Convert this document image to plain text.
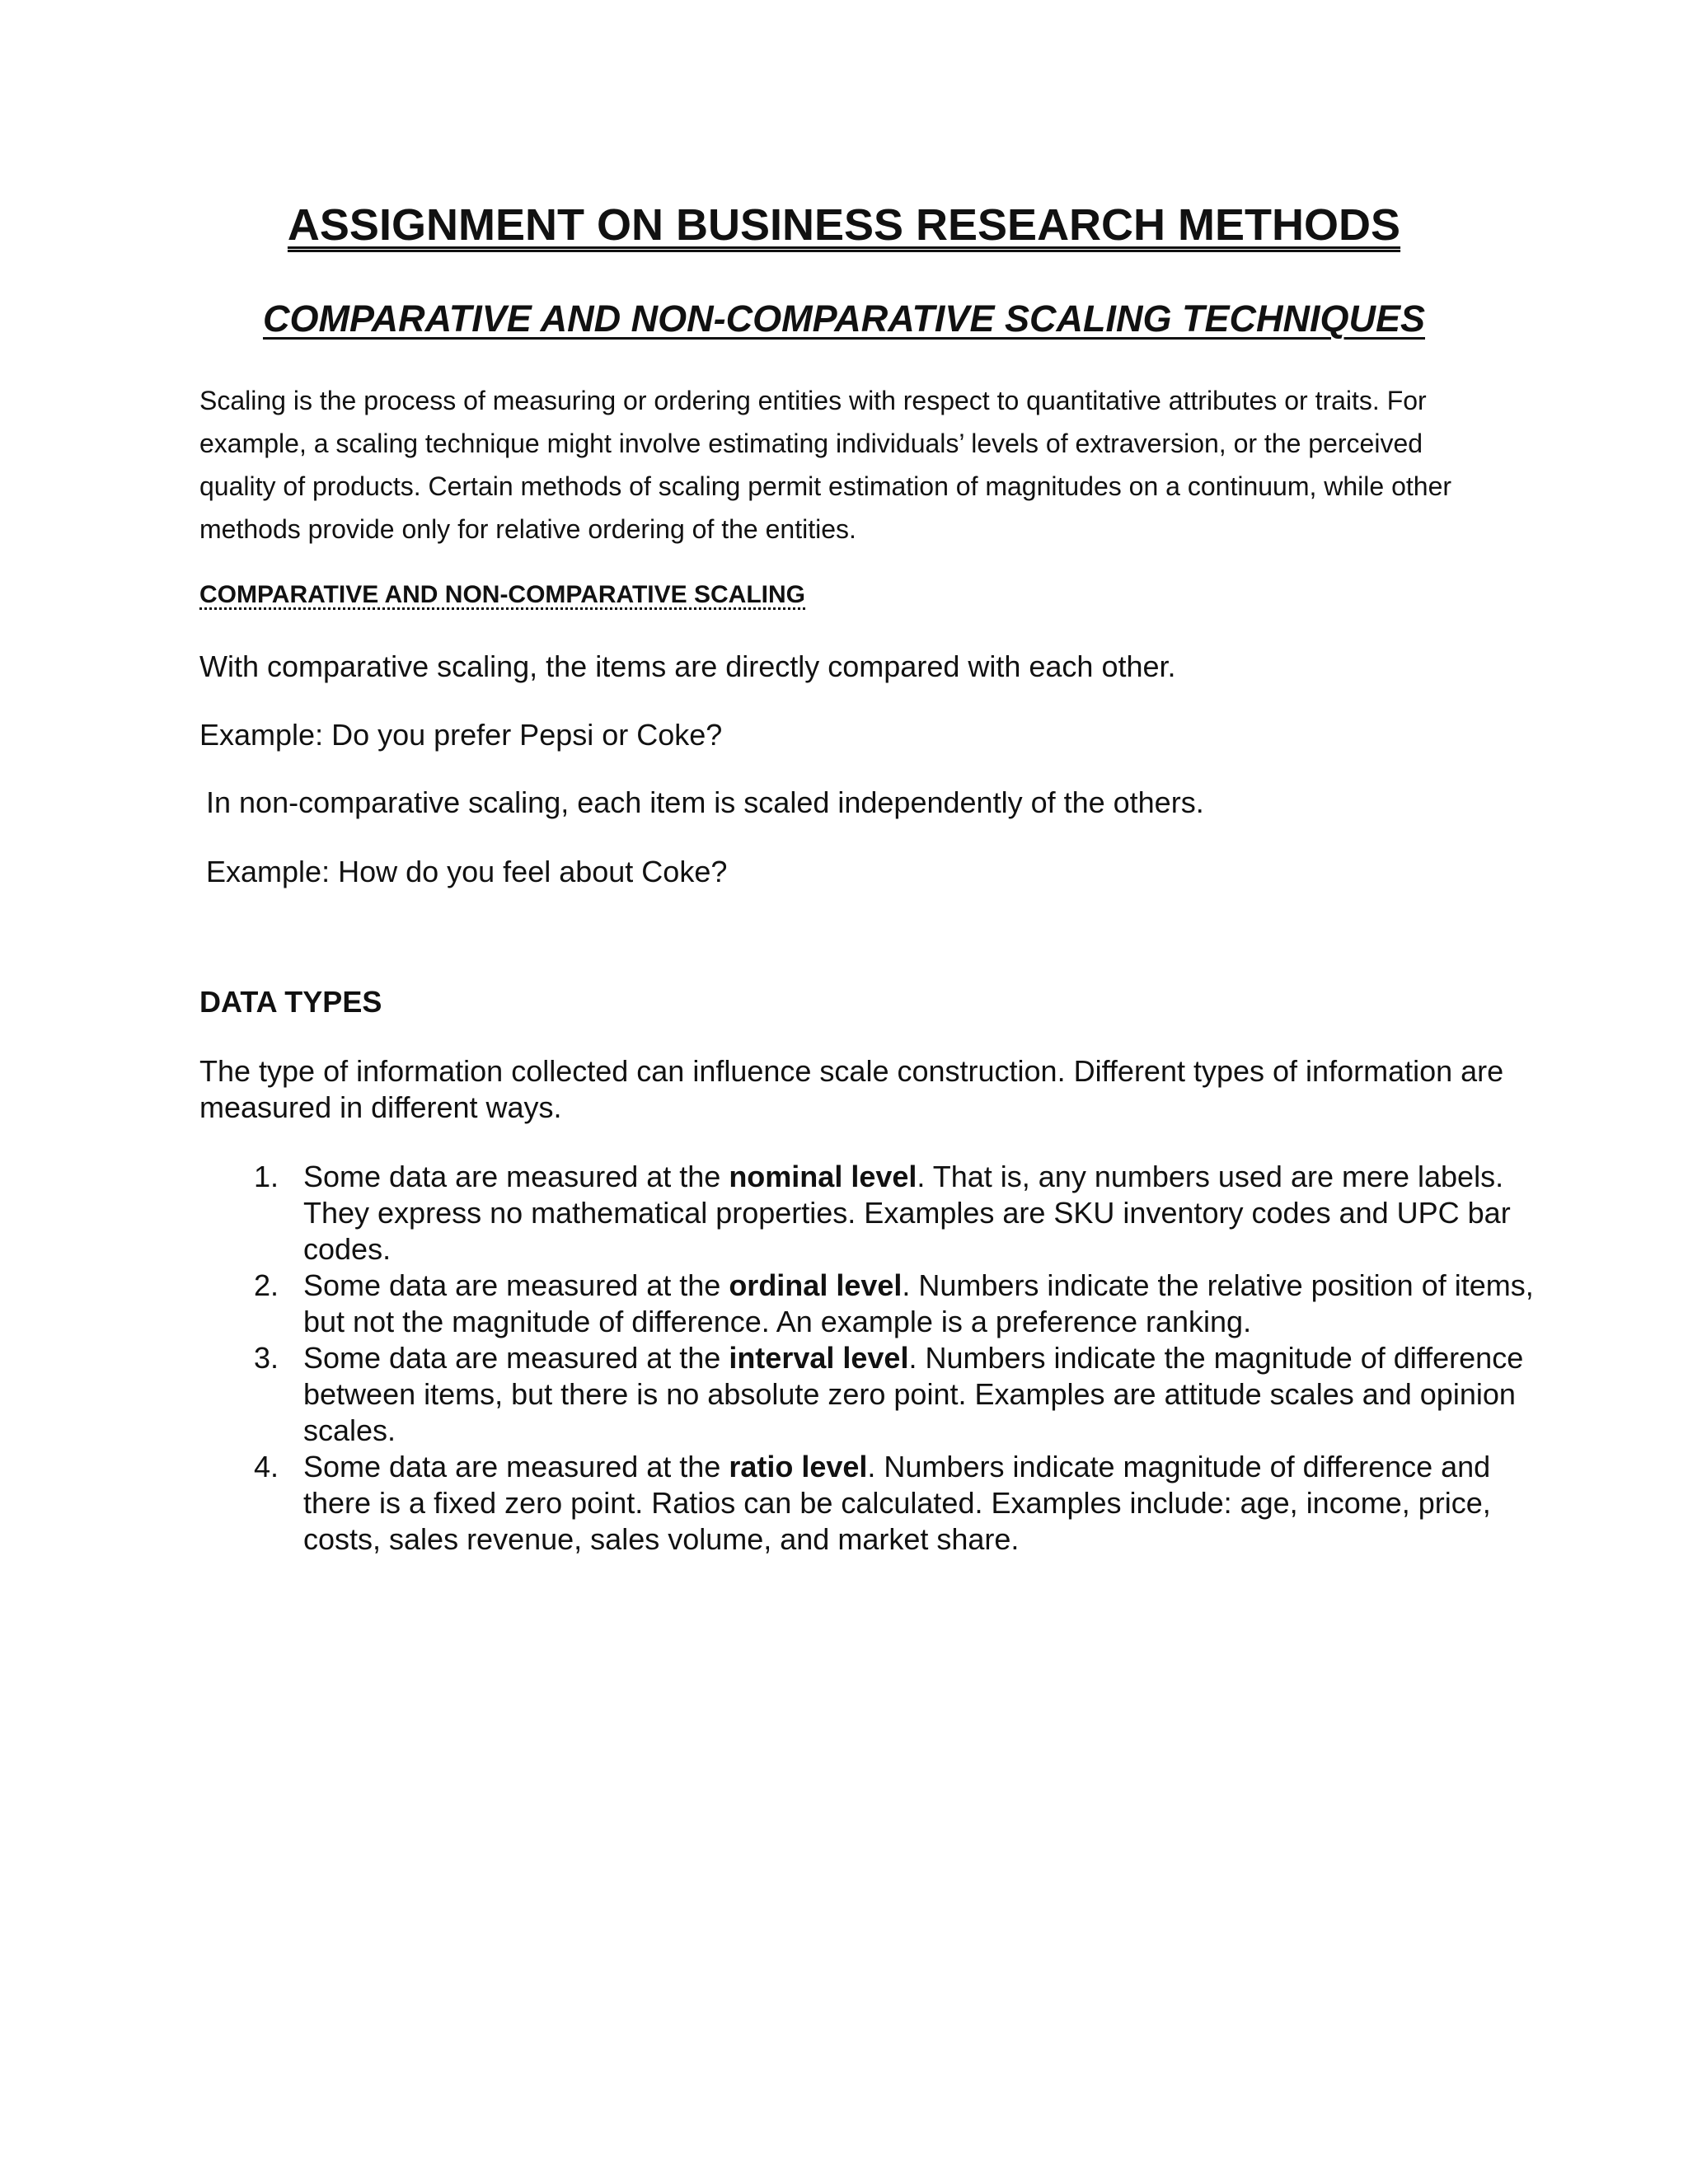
ASSIGNMENT ON BUSINESS RESEARCH METHODS
COMPARATIVE AND NON-COMPARATIVE SCALING TECHNIQUES

Scaling is the process of measuring or ordering entities with respect to quantitative attributes or traits. For example, a scaling technique might involve estimating individuals’ levels of extraversion, or the perceived quality of products. Certain methods of scaling permit estimation of magnitudes on a continuum, while other methods provide only for relative ordering of the entities.

COMPARATIVE AND NON-COMPARATIVE SCALING

With comparative scaling, the items are directly compared with each other.

Example: Do you prefer Pepsi or Coke?

In non-comparative scaling, each item is scaled independently of the others.

Example: How do you feel about Coke?

DATA TYPES

The type of information collected can influence scale construction. Different types of information are measured in different ways.

1. Some data are measured at the nominal level. That is, any numbers used are mere labels. They express no mathematical properties. Examples are SKU inventory codes and UPC bar codes.
2. Some data are measured at the ordinal level. Numbers indicate the relative position of items, but not the magnitude of difference. An example is a preference ranking.
3. Some data are measured at the interval level. Numbers indicate the magnitude of difference between items, but there is no absolute zero point. Examples are attitude scales and opinion scales.
4. Some data are measured at the ratio level. Numbers indicate magnitude of difference and there is a fixed zero point. Ratios can be calculated. Examples include: age, income, price, costs, sales revenue, sales volume, and market share.
